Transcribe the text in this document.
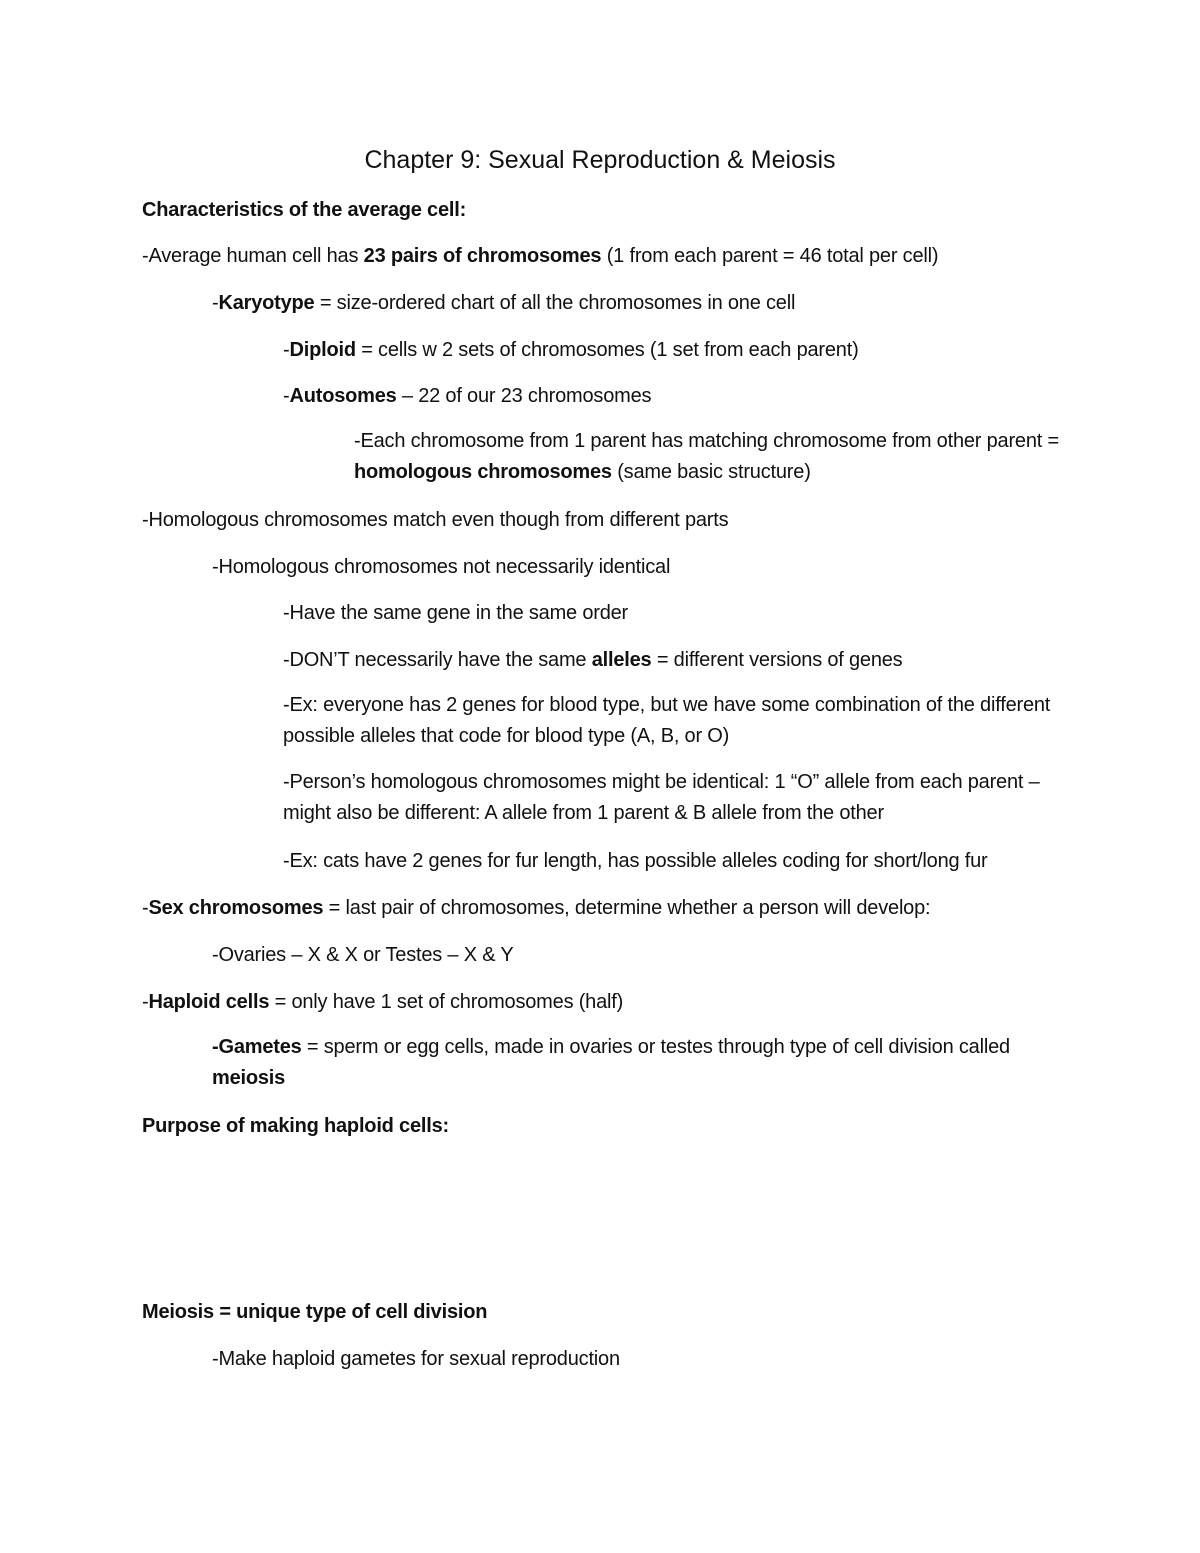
Chapter 9: Sexual Reproduction & Meiosis
Characteristics of the average cell:
-Average human cell has 23 pairs of chromosomes (1 from each parent = 46 total per cell)
-Karyotype = size-ordered chart of all the chromosomes in one cell
-Diploid = cells w 2 sets of chromosomes (1 set from each parent)
-Autosomes – 22 of our 23 chromosomes
-Each chromosome from 1 parent has matching chromosome from other parent = homologous chromosomes (same basic structure)
-Homologous chromosomes match even though from different parts
-Homologous chromosomes not necessarily identical
-Have the same gene in the same order
-DON’T necessarily have the same alleles = different versions of genes
-Ex: everyone has 2 genes for blood type, but we have some combination of the different possible alleles that code for blood type (A, B, or O)
-Person’s homologous chromosomes might be identical: 1 “O” allele from each parent – might also be different: A allele from 1 parent & B allele from the other
-Ex: cats have 2 genes for fur length, has possible alleles coding for short/long fur
-Sex chromosomes = last pair of chromosomes, determine whether a person will develop:
-Ovaries – X & X or Testes – X & Y
-Haploid cells = only have 1 set of chromosomes (half)
-Gametes = sperm or egg cells, made in ovaries or testes through type of cell division called meiosis
Purpose of making haploid cells:
Meiosis = unique type of cell division
-Make haploid gametes for sexual reproduction
